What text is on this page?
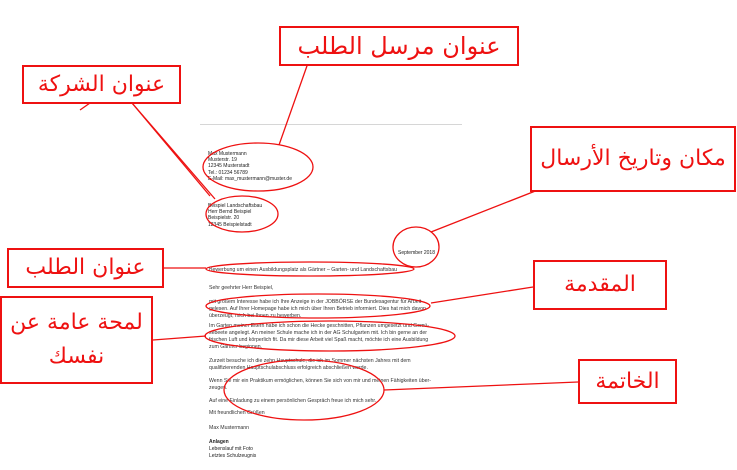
Max Mustermann
Musterstr. 19
12345 Musterstadt
Tel.: 01234 56789
E-Mail: max_mustermann@muster.de
Beispiel Landschaftsbau
Herr Bernd Beispiel
Beispielstr. 20
12345 Beispielstadt
September 2018
Bewerbung um einen Ausbildungsplatz als Gärtner – Garten- und Landschaftsbau
Sehr geehrter Herr Beispiel,
mit großem Interesse habe ich Ihre Anzeige in der JOBBÖRSE der Bundesagentur für Arbeit
gelesen. Auf Ihrer Homepage habe ich mich über Ihren Betrieb informiert. Dies hat mich davon
überzeugt, mich bei Ihnen zu bewerben.
Im Garten meiner Eltern habe ich schon die Hecke geschnitten, Pflanzen umgesetzt und Gemü-
sebeete angelegt. An meiner Schule mache ich in der AG Schulgarten mit. Ich bin gerne an der
frischen Luft und körperlich fit. Da mir diese Arbeit viel Spaß macht, möchte ich eine Ausbildung
zum Gärtner beginnen.
Zurzeit besuche ich die zehn Hauptschule, die ich im Sommer nächsten Jahres mit dem
qualifizierenden Hauptschulabschluss erfolgreich abschließen werde.
Wenn Sie mir ein Praktikum ermöglichen, können Sie sich von mir und meinen Fähigkeiten über-
zeugen.
Auf eine Einladung zu einem persönlichen Gespräch freue ich mich sehr.
Mit freundlichen Grüßen
Max Mustermann
Anlagen
Lebenslauf mit Foto
Letztes Schulzeugnis
عنوان مرسل الطلب
عنوان الشركة
مكان وتاريخ الأرسال
عنوان الطلب
المقدمة
لمحة عامة عن
نفسك
الخاتمة
